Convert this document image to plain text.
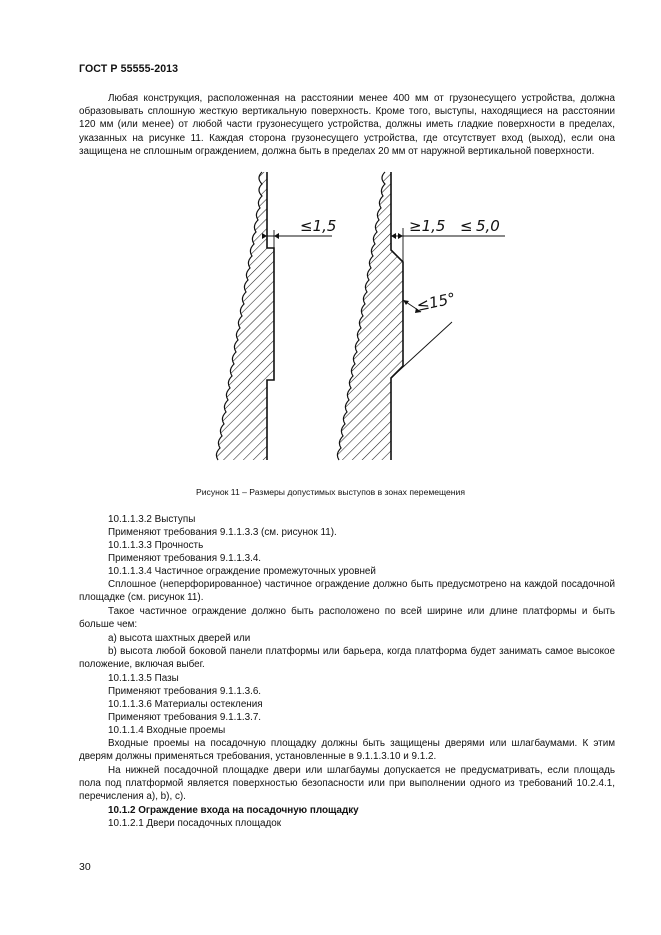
ГОСТ Р 55555-2013

Любая конструкция, расположенная на расстоянии менее 400 мм от грузонесущего устройства, должна образовывать сплошную жесткую вертикальную поверхность. Кроме того, выступы, находящиеся на расстоянии 120 мм (или менее) от любой части грузонесущего устройства, должны иметь гладкие поверхности в пределах, указанных на рисунке 11. Каждая сторона грузонесущего устройства, где отсутствует вход (выход), если она защищена не сплошным ограждением, должна быть в пределах 20 мм от наружной вертикальной поверхности.

≤1,5	≥1,5 ≤ 5,0
≤15°
Рисунок 11 – Размеры допустимых выступов в зонах перемещения

10.1.1.3.2 Выступы

Применяют требования 9.1.1.3.3 (см. рисунок 11).

10.1.1.3.3 Прочность

Применяют требования 9.1.1.3.4.

10.1.1.3.4 Частичное ограждение промежуточных уровней

Сплошное (неперфорированное) частичное ограждение должно быть предусмотрено на каждой посадочной площадке (см. рисунок 11).

Такое частичное ограждение должно быть расположено по всей ширине или длине платформы и быть больше чем:

a) высота шахтных дверей или

b) высота любой боковой панели платформы или барьера, когда платформа будет занимать самое высокое положение, включая выбег.

10.1.1.3.5 Пазы

Применяют требования 9.1.1.3.6.

10.1.1.3.6 Материалы остекления

Применяют требования 9.1.1.3.7.

10.1.1.4 Входные проемы

Входные проемы на посадочную площадку должны быть защищены дверями или шлагбаумами. К этим дверям должны применяться требования, установленные в 9.1.1.3.10 и 9.1.2.

На нижней посадочной площадке двери или шлагбаумы допускается не предусматривать, если площадь пола под платформой является поверхностью безопасности или при выполнении одного из требований 10.2.4.1, перечисления а), b), с).

10.1.2 Ограждение входа на посадочную площадку

10.1.2.1 Двери посадочных площадок

30
